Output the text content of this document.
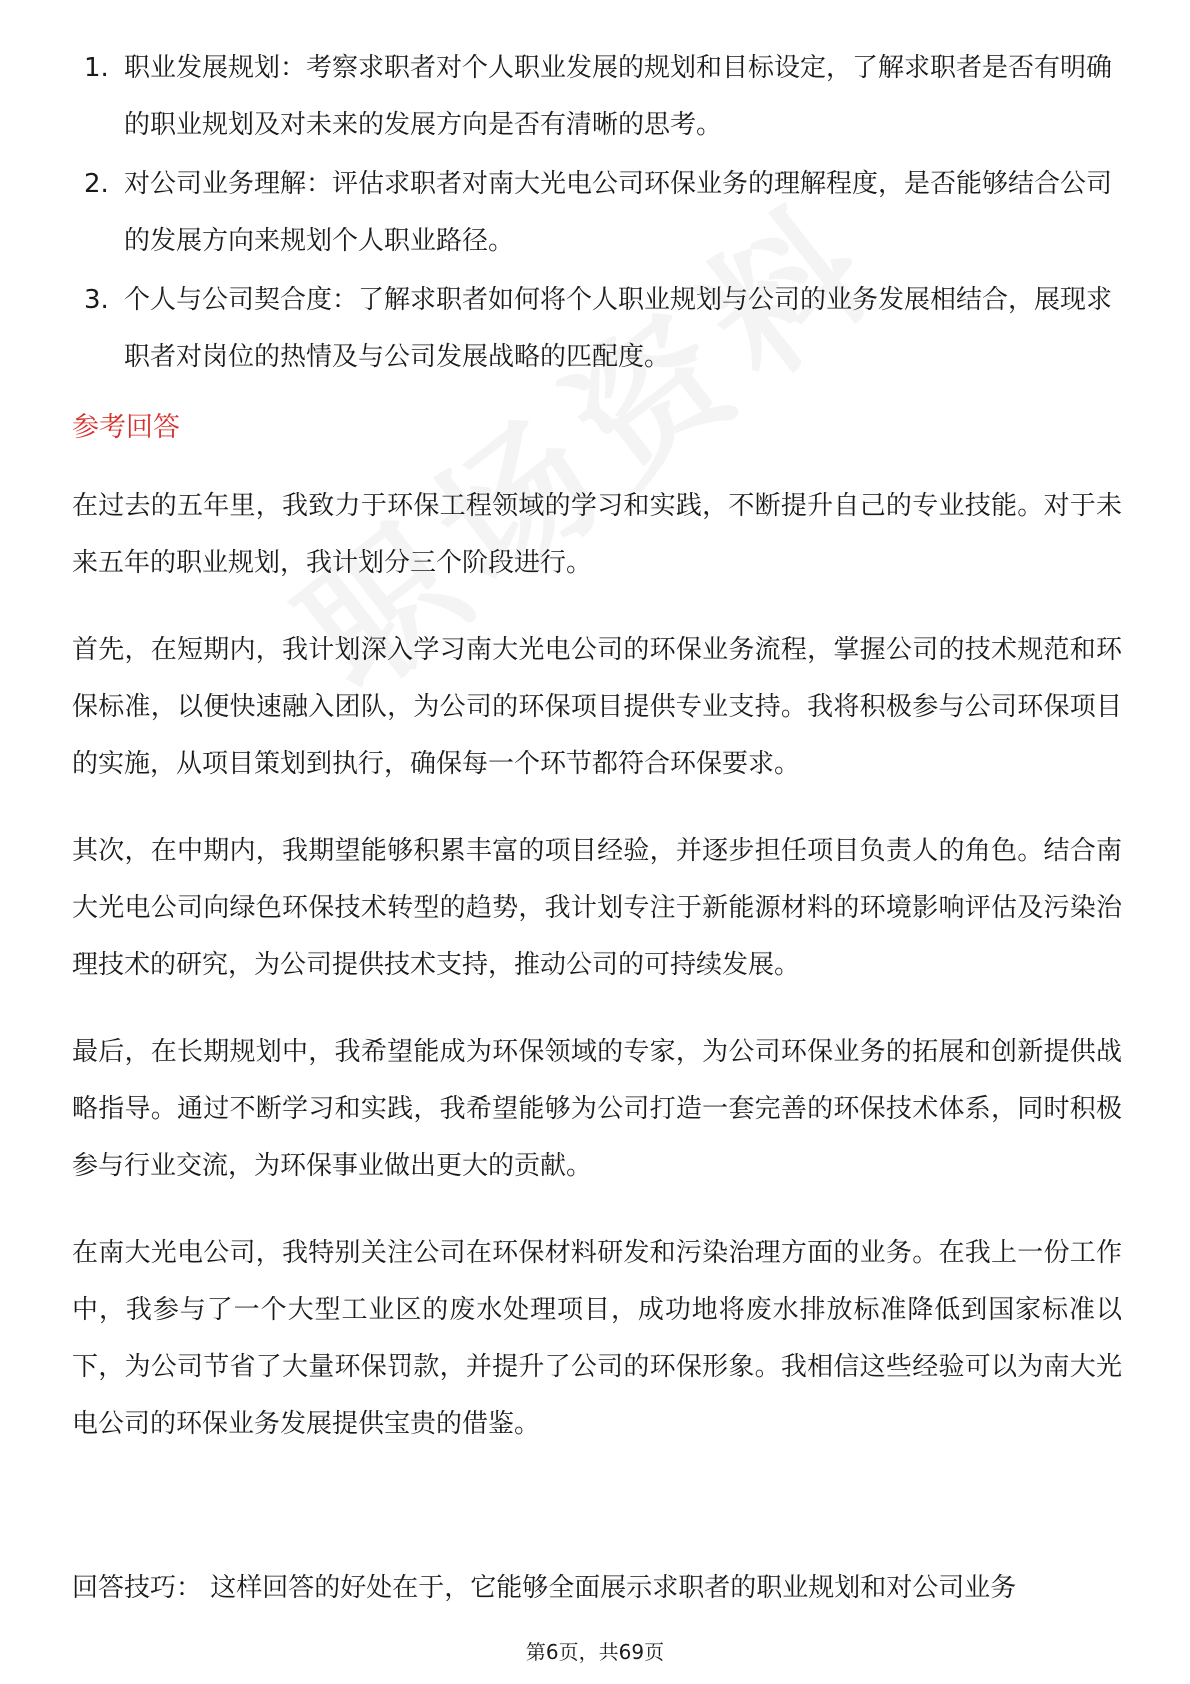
1. 职业发展规划：考察求职者对个人职业发展的规划和目标设定，了解求职者是否有明确的职业规划及对未来的发展方向是否有清晰的思考。
2. 对公司业务理解：评估求职者对南大光电公司环保业务的理解程度，是否能够结合公司的发展方向来规划个人职业路径。
3. 个人与公司契合度：了解求职者如何将个人职业规划与公司的业务发展相结合，展现求职者对岗位的热情及与公司发展战略的匹配度。
参考回答

在过去的五年里，我致力于环保工程领域的学习和实践，不断提升自己的专业技能。对于未来五年的职业规划，我计划分三个阶段进行。

首先，在短期内，我计划深入学习南大光电公司的环保业务流程，掌握公司的技术规范和环保标准，以便快速融入团队，为公司的环保项目提供专业支持。我将积极参与公司环保项目的实施，从项目策划到执行，确保每一个环节都符合环保要求。

其次，在中期内，我期望能够积累丰富的项目经验，并逐步担任项目负责人的角色。结合南大光电公司向绿色环保技术转型的趋势，我计划专注于新能源材料的环境影响评估及污染治理技术的研究，为公司提供技术支持，推动公司的可持续发展。

最后，在长期规划中，我希望能成为环保领域的专家，为公司环保业务的拓展和创新提供战略指导。通过不断学习和实践，我希望能够为公司打造一套完善的环保技术体系，同时积极参与行业交流，为环保事业做出更大的贡献。

在南大光电公司，我特别关注公司在环保材料研发和污染治理方面的业务。在我上一份工作中，我参与了一个大型工业区的废水处理项目，成功地将废水排放标准降低到国家标准以下，为公司节省了大量环保罚款，并提升了公司的环保形象。我相信这些经验可以为南大光电公司的环保业务发展提供宝贵的借鉴。

回答技巧： 这样回答的好处在于，它能够全面展示求职者的职业规划和对公司业务

第6页，共69页
